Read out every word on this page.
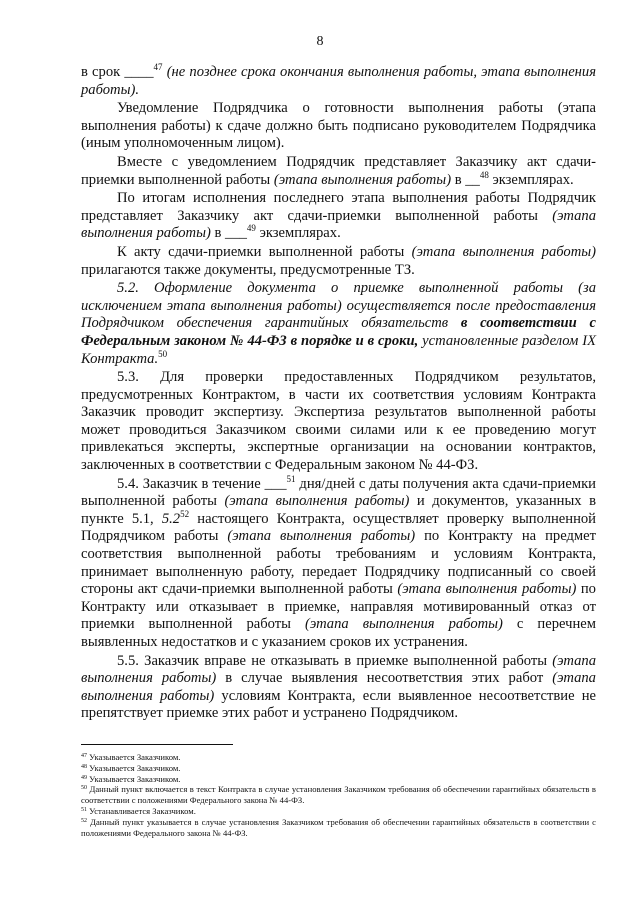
8

в срок ____$^{47}$ (не позднее срока окончания выполнения работы, этапа выполнения работы).

Уведомление Подрядчика о готовности выполнения работы (этапа выполнения работы) к сдаче должно быть подписано руководителем Подрядчика (иным уполномоченным лицом).

Вместе с уведомлением Подрядчик представляет Заказчику акт сдачи-приемки выполненной работы (этапа выполнения работы) в __$^{48}$ экземплярах.

По итогам исполнения последнего этапа выполнения работы Подрядчик представляет Заказчику акт сдачи-приемки выполненной работы (этапа выполнения работы) в ___$^{49}$ экземплярах.

К акту сдачи-приемки выполненной работы (этапа выполнения работы) прилагаются также документы, предусмотренные ТЗ.

5.2. Оформление документа о приемке выполненной работы (за исключением этапа выполнения работы) осуществляется после предоставления Подрядчиком обеспечения гарантийных обязательств в соответствии с Федеральным законом № 44-ФЗ в порядке и в сроки, установленные разделом IX Контракта.$^{50}$

5.3. Для проверки предоставленных Подрядчиком результатов, предусмотренных Контрактом, в части их соответствия условиям Контракта Заказчик проводит экспертизу. Экспертиза результатов выполненной работы может проводиться Заказчиком своими силами или к ее проведению могут привлекаться эксперты, экспертные организации на основании контрактов, заключенных в соответствии с Федеральным законом № 44-ФЗ.

5.4. Заказчик в течение ___$^{51}$ дня/дней с даты получения акта сдачи-приемки выполненной работы (этапа выполнения работы) и документов, указанных в пункте 5.1, $5.2^{52}$ настоящего Контракта, осуществляет проверку выполненной Подрядчиком работы (этапа выполнения работы) по Контракту на предмет соответствия выполненной работы требованиям и условиям Контракта, принимает выполненную работу, передает Подрядчику подписанный со своей стороны акт сдачи-приемки выполненной работы (этапа выполнения работы) по Контракту или отказывает в приемке, направляя мотивированный отказ от приемки выполненной работы (этапа выполнения работы) с перечнем выявленных недостатков и с указанием сроков их устранения.

5.5. Заказчик вправе не отказывать в приемке выполненной работы (этапа выполнения работы) в случае выявления несоответствия этих работ (этапа выполнения работы) условиям Контракта, если выявленное несоответствие не препятствует приемке этих работ и устранено Подрядчиком.

$^{47}$ Указывается Заказчиком.

$^{48}$ Указывается Заказчиком.

$^{49}$ Указывается Заказчиком.

$^{50}$ Данный пункт включается в текст Контракта в случае установления Заказчиком требования об обеспечении гарантийных обязательств в соответствии с положениями Федерального закона № 44-ФЗ.

$^{51}$ Устанавливается Заказчиком.

$^{52}$ Данный пункт указывается в случае установления Заказчиком требования об обеспечении гарантийных обязательств в соответствии с положениями Федерального закона № 44-ФЗ.
